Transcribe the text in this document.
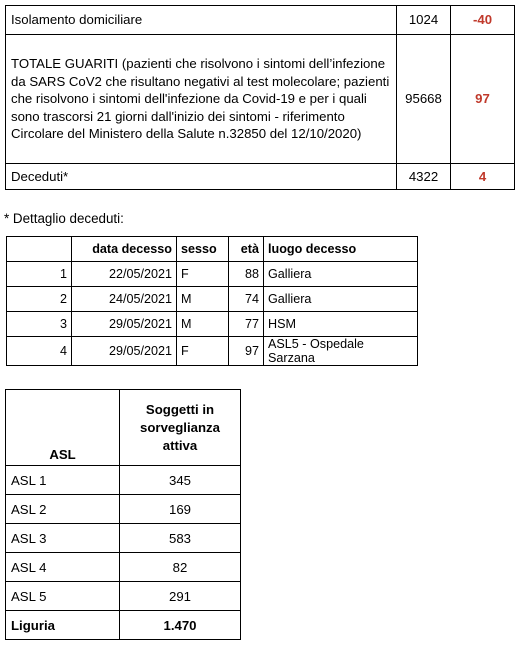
Isolamento domiciliare	1024	-40
TOTALE GUARITI (pazienti che risolvono i sintomi dell’infezione da SARS CoV2 che risultano negativi al test molecolare; pazienti che risolvono i sintomi dell'infezione da Covid-19 e per i quali sono trascorsi 21 giorni dall'inizio dei sintomi - riferimento Circolare del Ministero della Salute n.32850 del 12/10/2020)	95668	97
Deceduti*	4322	4
* Dettaglio deceduti:
	data decesso	sesso	età	luogo decesso
1	22/05/2021	F	88	Galliera
2	24/05/2021	M	74	Galliera
3	29/05/2021	M	77	HSM
4	29/05/2021	F	97	ASL5 - Ospedale Sarzana
ASL	Soggetti in sorveglianza attiva
ASL 1	345
ASL 2	169
ASL 3	583
ASL 4	82
ASL 5	291
Liguria	1.470
